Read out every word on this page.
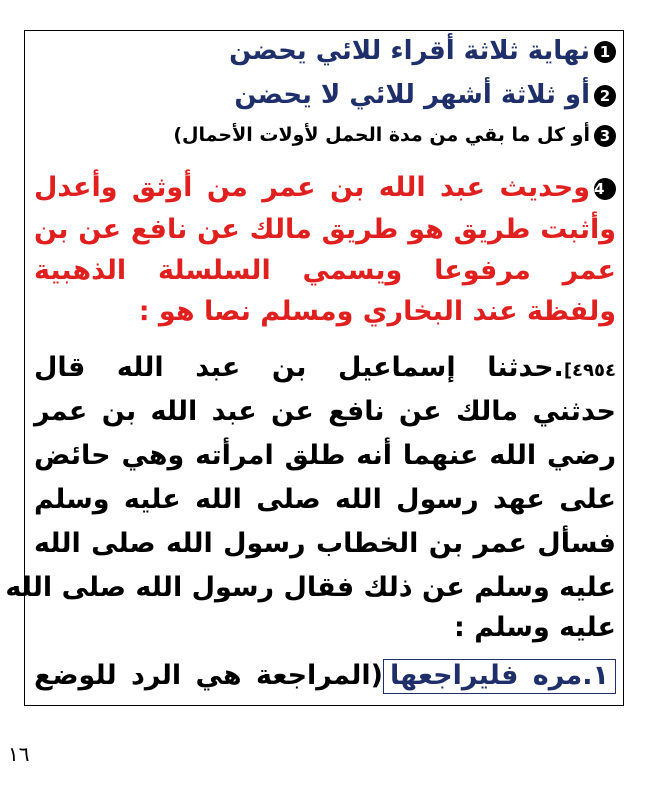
1نهاية ثلاثة أقراء للائي يحضن
2أو ثلاثة أشهر للائي لا يحضن
3أو كل ما بقي من مدة الحمل لأولات الأحمال)
4وحديث عبد الله بن عمر من أوثق وأعدل
وأثبت طريق هو طريق مالك عن نافع عن بن
عمر مرفوعا ويسمي السلسلة الذهبية
ولفظة عند البخاري ومسلم نصا هو :
٤٩٥٤].حدثنا إسماعيل بن عبد الله قال
حدثني مالك عن نافع عن عبد الله بن عمر
رضي الله عنهما أنه طلق امرأته وهي حائض
على عهد رسول الله صلى الله عليه وسلم
فسأل عمر بن الخطاب رسول الله صلى الله
عليه وسلم عن ذلك فقال رسول الله صلى الله
عليه وسلم :
١.مره فليراجعها(المراجعة هي الرد للوضع
١٦
